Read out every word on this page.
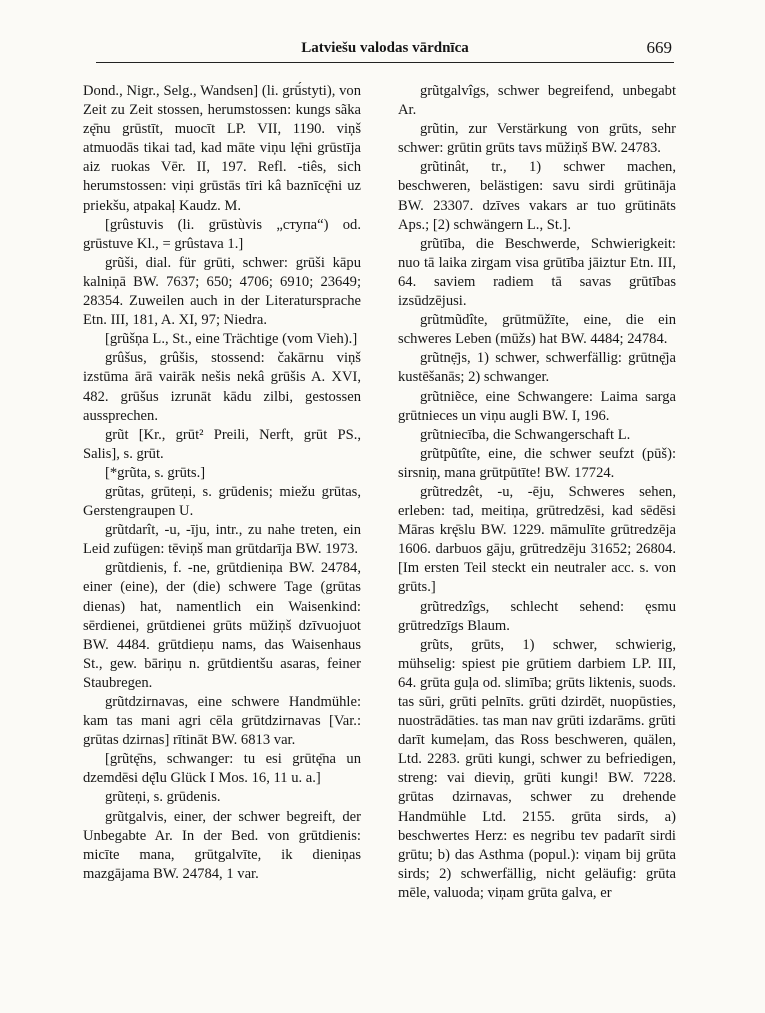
Latviešu valodas vārdnīca	669

Dond., Nigr., Selg., Wandsen] (li. grū́styti), von Zeit zu Zeit stossen, herumstossen: kungs sãka zę̄nu grūstīt, muocīt LP. VII, 1190. viņš atmuodās tikai tad, kad māte viņu lę̄ni grūstīja aiz ruokas Vēr. II, 197. Refl. -tiês, sich herumstossen: viņi grūstās tīri kâ baznīcę̄ni uz priekšu, atpakaļ Kaudz. M.

[grûstuvis (li. grūstùvis „ступа“) od. grūstuve Kl., = grûstava 1.]

grũši, dial. für grūti, schwer: grūši kāpu kalniņā BW. 7637; 650; 4706; 6910; 23649; 28354. Zuweilen auch in der Literatursprache Etn. III, 181, A. XI, 97; Niedra.

[grũšņa L., St., eine Trächtige (vom Vieh).]

grûšus, grûšis, stossend: čakārnu viņš izstūma ārā vairāk nešis nekâ grūšis A. XVI, 482. grūšus izrunāt kādu zilbi, gestossen aussprechen.

grũt [Kr., grūt² Preili, Nerft, grūt PS., Salis], s. grūt.

[*grũta, s. grūts.]

grũtas, grūteņi, s. grūdenis; miežu grūtas, Gerstengraupen U.

grũtdarît, -u, -īju, intr., zu nahe treten, ein Leid zufügen: tēviņš man grūtdarīja BW. 1973.

grũtdienis, f. -ne, grūtdieniņa BW. 24784, einer (eine), der (die) schwere Tage (grūtas dienas) hat, namentlich ein Waisenkind: sērdienei, grūtdienei grūts mūžiņš dzīvuojuot BW. 4484. grūtdieņu nams, das Waisenhaus St., gew. bāriņu n. grūtdientšu asaras, feiner Staubregen.

grũtdzirnavas, eine schwere Handmühle: kam tas mani agri cēla grūtdzirnavas [Var.: grūtas dzirnas] rītināt BW. 6813 var.

[grũtę̄ns, schwanger: tu esi grūtę̄na un dzemdēsi dę̄lu Glück I Mos. 16, 11 u. a.]

grũteņi, s. grūdenis.

grũtgalvis, einer, der schwer begreift, der Unbegabte Ar. In der Bed. von grūtdienis: micīte mana, grūtgalvīte, ik dieniņas mazgājama BW. 24784, 1 var.

grũtgalvîgs, schwer begreifend, unbegabt Ar.

grũtin, zur Verstärkung von grūts, sehr schwer: grūtin grūts tavs mūžiņš BW. 24783.

grũtinât, tr., 1) schwer machen, beschweren, belästigen: savu sirdi grūtināja BW. 23307. dzīves vakars ar tuo grūtināts Aps.; [2) schwängern L., St.].

grũtība, die Beschwerde, Schwierigkeit: nuo tā laika zirgam visa grūtība jāiztur Etn. III, 64. saviem radiem tā savas grūtības izsūdzējusi.

grũtmũdîte, grūtmūžīte, eine, die ein schweres Leben (mūžs) hat BW. 4484; 24784.

grũtnẹ̄js, 1) schwer, schwerfällig: grūtnę̄ja kustēšanās; 2) schwanger.

grũtniẽce, eine Schwangere: Laima sarga grūtnieces un viņu augli BW. I, 196.

grũtniecība, die Schwangerschaft L.

grũtpũtîte, eine, die schwer seufzt (pūš): sirsniņ, mana grūtpūtīte! BW. 17724.

grũtredzêt, -u, -ēju, Schweres sehen, erleben: tad, meitiņa, grūtredzēsi, kad sēdēsi Māras krę̄slu BW. 1229. māmulīte grūtredzēja 1606. darbuos gāju, grūtredzēju 31652; 26804. [Im ersten Teil steckt ein neutraler acc. s. von grūts.]

grũtredzîgs, schlecht sehend: ęsmu grūtredzīgs Blaum.

grũts, grūts, 1) schwer, schwierig, mühselig: spiest pie grūtiem darbiem LP. III, 64. grūta guļa od. slimība; grūts liktenis, suods. tas sūri, grūti pelnīts. grūti dzirdēt, nuopūsties, nuostrādāties. tas man nav grūti izdarāms. grūti darīt kumeļam, das Ross beschweren, quälen, Ltd. 2283. grūti kungi, schwer zu befriedigen, streng: vai dieviņ, grūti kungi! BW. 7228. grūtas dzirnavas, schwer zu drehende Handmühle Ltd. 2155. grūta sirds, a) beschwertes Herz: es negribu tev padarīt sirdi grūtu; b) das Asthma (popul.): viņam bij grūta sirds; 2) schwerfällig, nicht geläufig: grūta mēle, valuoda; viņam grūta galva, er
